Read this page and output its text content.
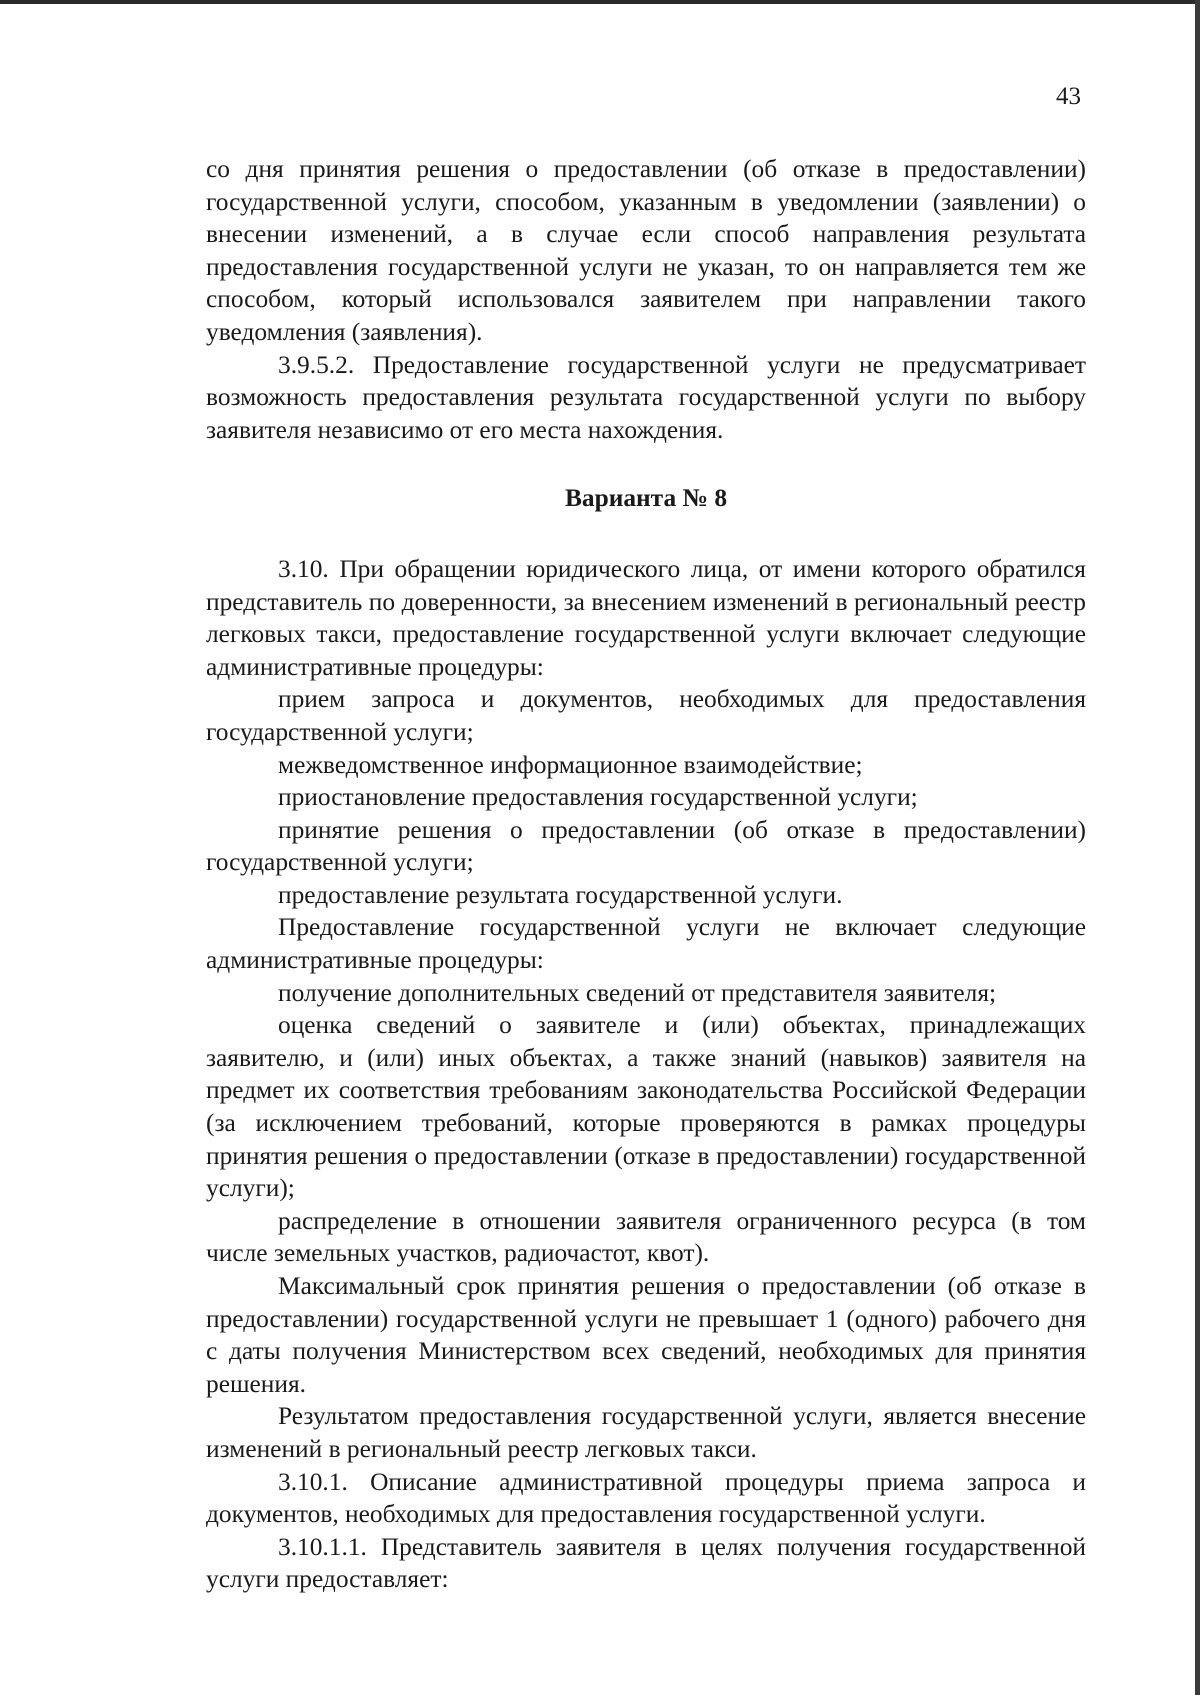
43

со дня принятия решения о предоставлении (об отказе в предоставлении) государственной услуги, способом, указанным в уведомлении (заявлении) о внесении изменений, а в случае если способ направления результата предоставления государственной услуги не указан, то он направляется тем же способом, который использовался заявителем при направлении такого уведомления (заявления).

3.9.5.2. Предоставление государственной услуги не предусматривает возможность предоставления результата государственной услуги по выбору заявителя независимо от его места нахождения.

Варианта № 8

3.10. При обращении юридического лица, от имени которого обратился представитель по доверенности, за внесением изменений в региональный реестр легковых такси, предоставление государственной услуги включает следующие административные процедуры:

прием запроса и документов, необходимых для предоставления государственной услуги;

межведомственное информационное взаимодействие;

приостановление предоставления государственной услуги;

принятие решения о предоставлении (об отказе в предоставлении) государственной услуги;

предоставление результата государственной услуги.

Предоставление государственной услуги не включает следующие административные процедуры:

получение дополнительных сведений от представителя заявителя;

оценка сведений о заявителе и (или) объектах, принадлежащих заявителю, и (или) иных объектах, а также знаний (навыков) заявителя на предмет их соответствия требованиям законодательства Российской Федерации (за исключением требований, которые проверяются в рамках процедуры принятия решения о предоставлении (отказе в предоставлении) государственной услуги);

распределение в отношении заявителя ограниченного ресурса (в том числе земельных участков, радиочастот, квот).

Максимальный срок принятия решения о предоставлении (об отказе в предоставлении) государственной услуги не превышает 1 (одного) рабочего дня с даты получения Министерством всех сведений, необходимых для принятия решения.

Результатом предоставления государственной услуги, является внесение изменений в региональный реестр легковых такси.

3.10.1. Описание административной процедуры приема запроса и документов, необходимых для предоставления государственной услуги.

3.10.1.1. Представитель заявителя в целях получения государственной услуги предоставляет:
